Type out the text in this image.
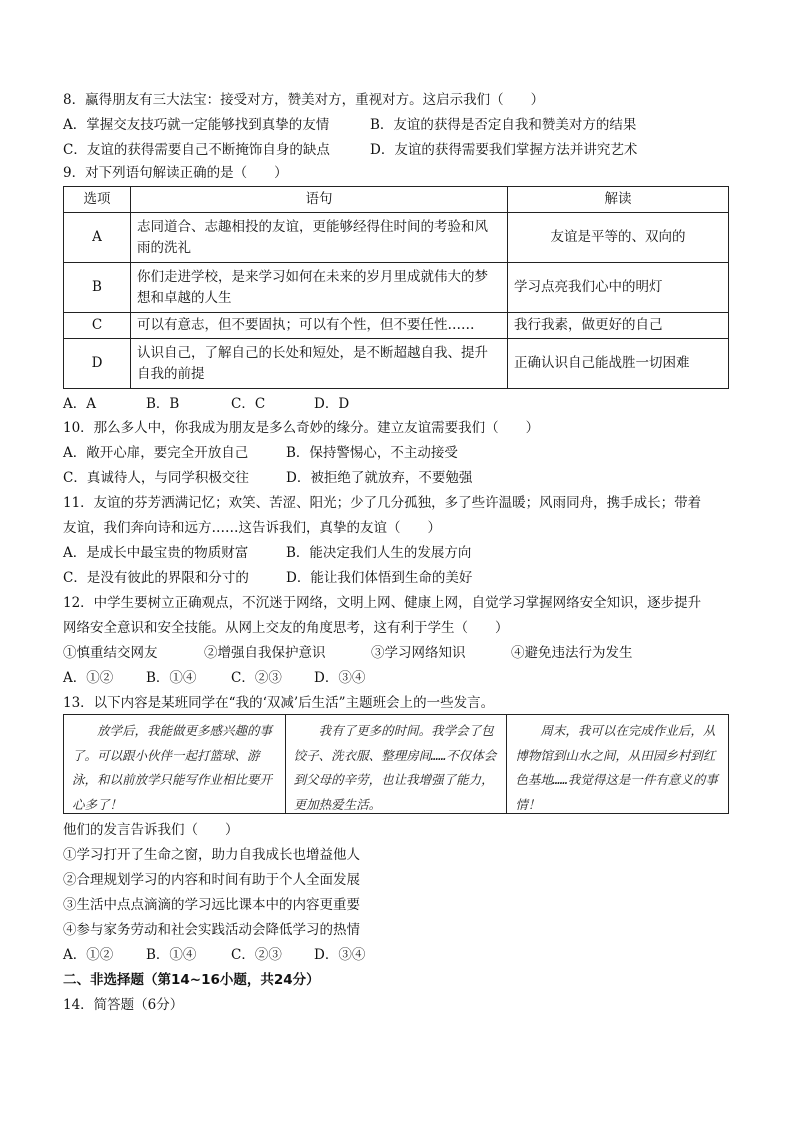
8．赢得朋友有三大法宝：接受对方，赞美对方，重视对方。这启示我们（　　）
A．掌握交友技巧就一定能够找到真挚的友情	B．友谊的获得是否定自我和赞美对方的结果
C．友谊的获得需要自己不断掩饰自身的缺点	D．友谊的获得需要我们掌握方法并讲究艺术
9．对下列语句解读正确的是（　　）
选项	语句	解读
A	志同道合、志趣相投的友谊，更能够经得住时间的考验和风雨的洗礼	友谊是平等的、双向的
B	你们走进学校，是来学习如何在未来的岁月里成就伟大的梦想和卓越的人生	学习点亮我们心中的明灯
C	可以有意志，但不要固执；可以有个性，但不要任性……	我行我素，做更好的自己
D	认识自己，了解自己的长处和短处，是不断超越自我、提升自我的前提	正确认识自己能战胜一切困难
A．A	B．B	C．C	D．D
10．那么多人中，你我成为朋友是多么奇妙的缘分。建立友谊需要我们（　　）
A．敞开心扉，要完全开放自己	B．保持警惕心，不主动接受
C．真诚待人，与同学积极交往	D．被拒绝了就放弃，不要勉强
11．友谊的芬芳洒满记忆；欢笑、苦涩、阳光；少了几分孤独，多了些许温暖；风雨同舟，携手成长；带着
友谊，我们奔向诗和远方……这告诉我们，真挚的友谊（　　）
A．是成长中最宝贵的物质财富	B．能决定我们人生的发展方向
C．是没有彼此的界限和分寸的	D．能让我们体悟到生命的美好
12．中学生要树立正确观点，不沉迷于网络，文明上网、健康上网，自觉学习掌握网络安全知识，逐步提升
网络安全意识和安全技能。从网上交友的角度思考，这有利于学生（　　）
①慎重结交网友	②增强自我保护意识	③学习网络知识	④避免违法行为发生
A．①② B．①④	C．②③ D．③④
13．以下内容是某班同学在“我的‘双减’后生活”主题班会上的一些发言。
放学后，我能做更多感兴趣的事了。可以跟小伙伴一起打篮球、游泳，和以前放学只能写作业相比要开心多了！
我有了更多的时间。我学会了包饺子、洗衣服、整理房间……不仅体会到父母的辛劳，也让我增强了能力，更加热爱生活。
周末，我可以在完成作业后，从博物馆到山水之间，从田园乡村到红色基地……我觉得这是一件有意义的事情！
他们的发言告诉我们（　　）
①学习打开了生命之窗，助力自我成长也增益他人
②合理规划学习的内容和时间有助于个人全面发展
③生活中点点滴滴的学习远比课本中的内容更重要
④参与家务劳动和社会实践活动会降低学习的热情
A．①② B．①④	C．②③ D．③④
二、非选择题（第14~16小题，共24分）
14．简答题（6分）
